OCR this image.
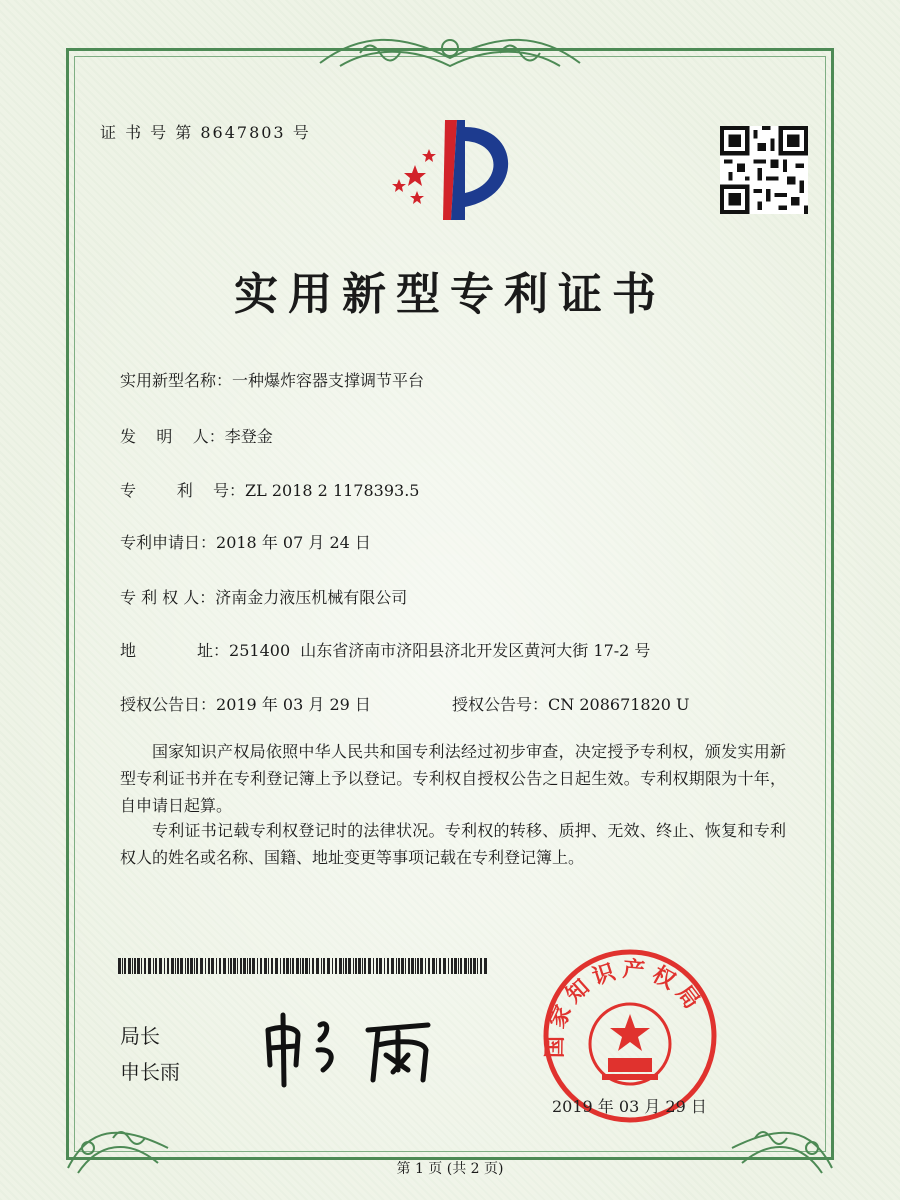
证 书 号 第 8647803 号
实用新型专利证书
实用新型名称：一种爆炸容器支撑调节平台
发    明    人：李登金
专        利    号：ZL 2018 2 1178393.5
专利申请日：2018 年 07 月 24 日
专 利 权 人：济南金力液压机械有限公司
地            址：251400  山东省济南市济阳县济北开发区黄河大街 17-2 号
授权公告日：2019 年 03 月 29 日	授权公告号：CN 208671820 U
国家知识产权局依照中华人民共和国专利法经过初步审查，决定授予专利权，颁发实用新型专利证书并在专利登记簿上予以登记。专利权自授权公告之日起生效。专利权期限为十年，自申请日起算。
专利证书记载专利权登记时的法律状况。专利权的转移、质押、无效、终止、恢复和专利权人的姓名或名称、国籍、地址变更等事项记载在专利登记簿上。
局长
申长雨
国家知识产权局
2019 年 03 月 29 日
第 1 页 (共 2 页)
